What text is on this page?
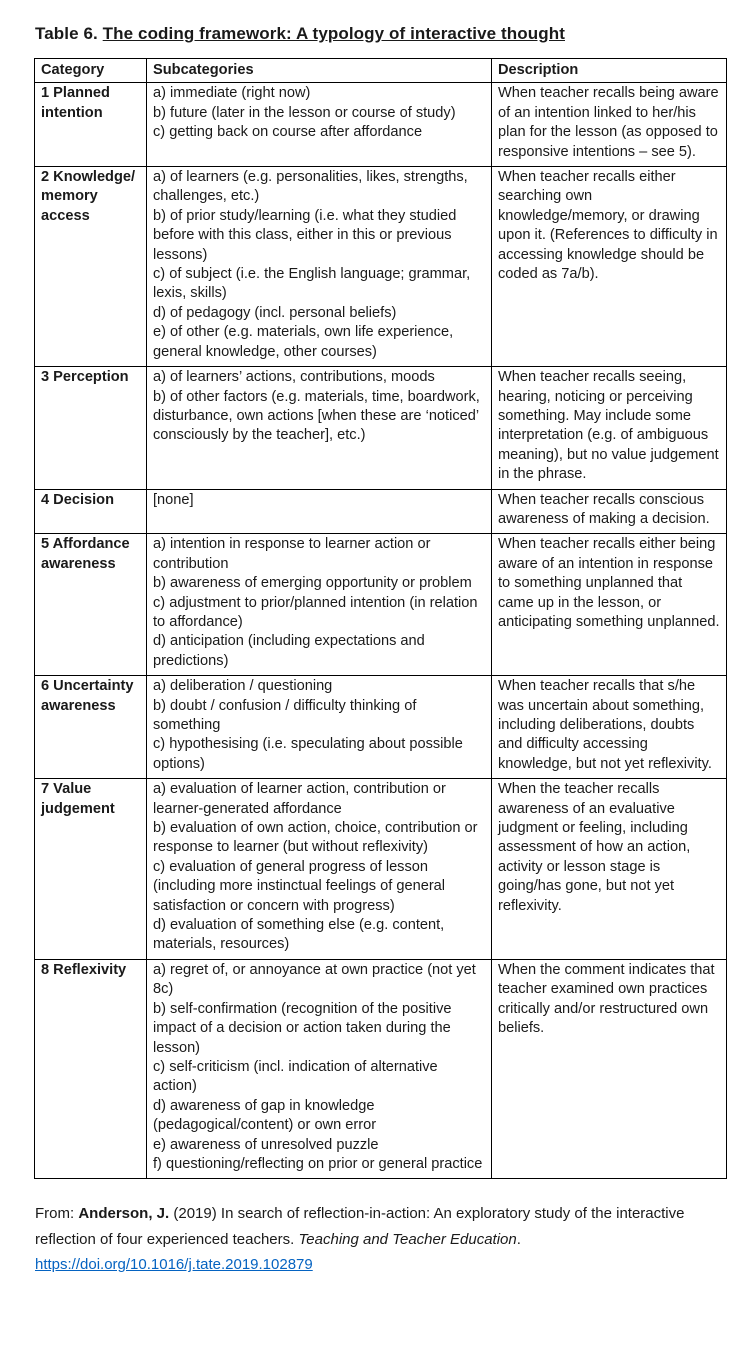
Table 6. The coding framework: A typology of interactive thought

Category	Subcategories	Description
1 Planned intention	a) immediate (right now)
b) future (later in the lesson or course of study)
c) getting back on course after affordance	When teacher recalls being aware of an intention linked to her/his plan for the lesson (as opposed to responsive intentions – see 5).
2 Knowledge/ memory access	a) of learners (e.g. personalities, likes, strengths, challenges, etc.)
b) of prior study/learning (i.e. what they studied before with this class, either in this or previous lessons)
c) of subject (i.e. the English language; grammar, lexis, skills)
d) of pedagogy (incl. personal beliefs)
e) of other (e.g. materials, own life experience, general knowledge, other courses)	When teacher recalls either searching own knowledge/memory, or drawing upon it. (References to difficulty in accessing knowledge should be coded as 7a/b).
3 Perception	a) of learners’ actions, contributions, moods
b) of other factors (e.g. materials, time, boardwork, disturbance, own actions [when these are ‘noticed’ consciously by the teacher], etc.)	When teacher recalls seeing, hearing, noticing or perceiving something. May include some interpretation (e.g. of ambiguous meaning), but no value judgement in the phrase.
4 Decision	[none]	When teacher recalls conscious awareness of making a decision.
5 Affordance awareness	a) intention in response to learner action or contribution
b) awareness of emerging opportunity or problem
c) adjustment to prior/planned intention (in relation to affordance)
d) anticipation (including expectations and predictions)	When teacher recalls either being aware of an intention in response to something unplanned that came up in the lesson, or anticipating something unplanned.
6 Uncertainty awareness	a) deliberation / questioning
b) doubt / confusion / difficulty thinking of something
c) hypothesising (i.e. speculating about possible options)	When teacher recalls that s/he was uncertain about something, including deliberations, doubts and difficulty accessing knowledge, but not yet reflexivity.
7 Value judgement	a) evaluation of learner action, contribution or learner-generated affordance
b) evaluation of own action, choice, contribution or response to learner (but without reflexivity)
c) evaluation of general progress of lesson (including more instinctual feelings of general satisfaction or concern with progress)
d) evaluation of something else (e.g. content, materials, resources)	When the teacher recalls awareness of an evaluative judgment or feeling, including assessment of how an action, activity or lesson stage is going/has gone, but not yet reflexivity.
8 Reflexivity	a) regret of, or annoyance at own practice (not yet 8c)
b) self-confirmation (recognition of the positive impact of a decision or action taken during the lesson)
c) self-criticism (incl. indication of alternative action)
d) awareness of gap in knowledge (pedagogical/content) or own error
e) awareness of unresolved puzzle
f) questioning/reflecting on prior or general practice
	When the comment indicates that teacher examined own practices critically and/or restructured own beliefs.

From: Anderson, J. (2019) In search of reflection-in-action: An exploratory study of the interactive reflection of four experienced teachers. Teaching and Teacher Education. https://doi.org/10.1016/j.tate.2019.102879
